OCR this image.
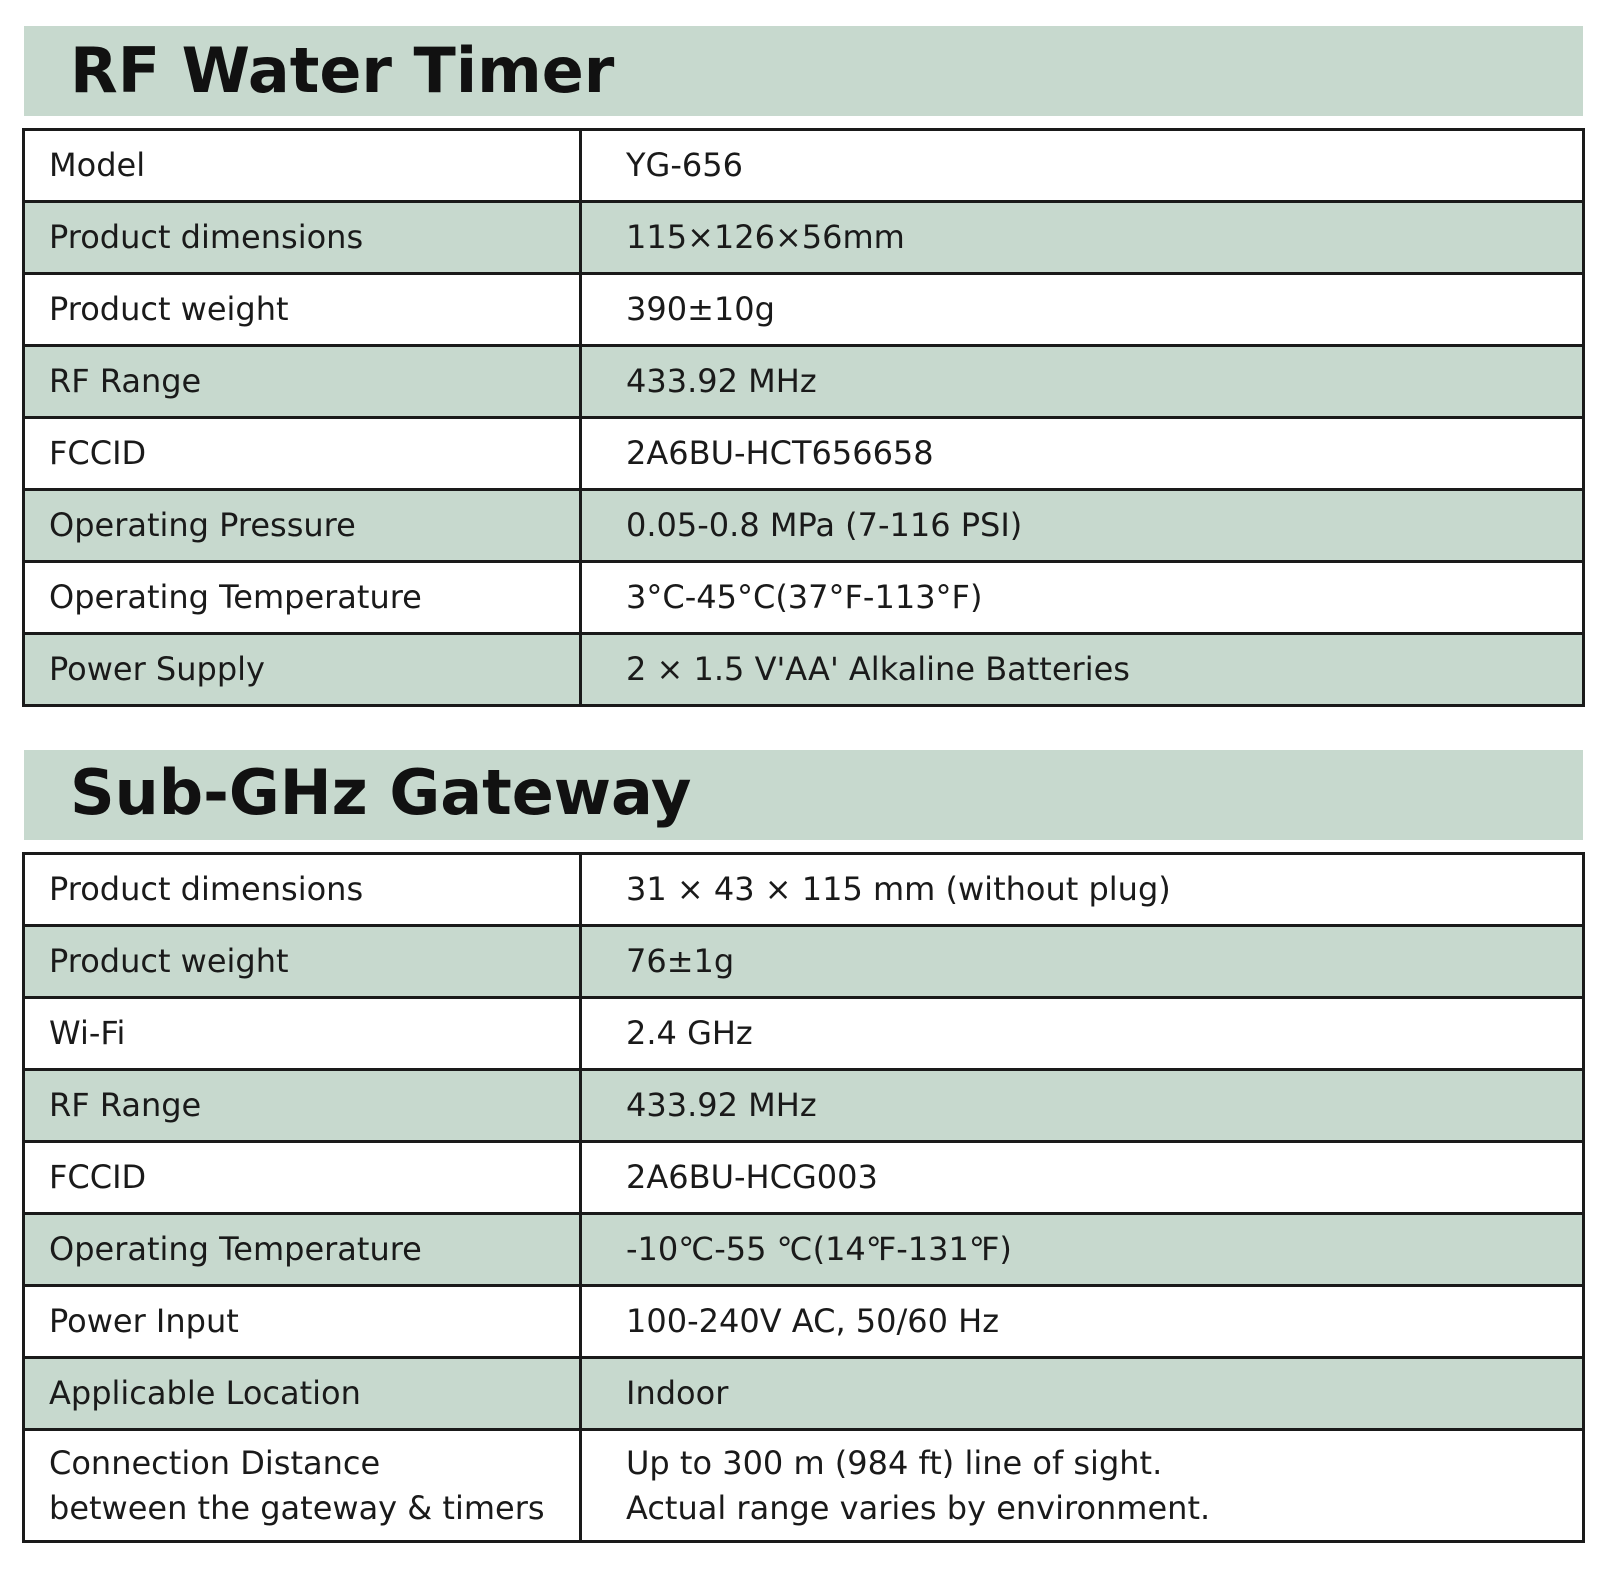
RF Water Timer
Model	YG-656
Product dimensions	115×126×56mm
Product weight	390±10g
RF Range	433.92 MHz
FCCID	2A6BU-HCT656658
Operating Pressure	0.05-0.8 MPa (7-116 PSI)
Operating Temperature	3°C-45°C(37°F-113°F)
Power Supply	2 × 1.5 V'AA' Alkaline Batteries
Sub-GHz Gateway
Product dimensions	31 × 43 × 115 mm (without plug)
Product weight	76±1g
Wi-Fi	2.4 GHz
RF Range	433.92 MHz
FCCID	2A6BU-HCG003
Operating Temperature	-10℃-55 ℃(14℉-131℉)
Power Input	100-240V AC, 50/60 Hz
Applicable Location	Indoor

Connection Distance
between the gateway & timers	Up to 300 m (984 ft) line of sight.
Actual range varies by environment.
